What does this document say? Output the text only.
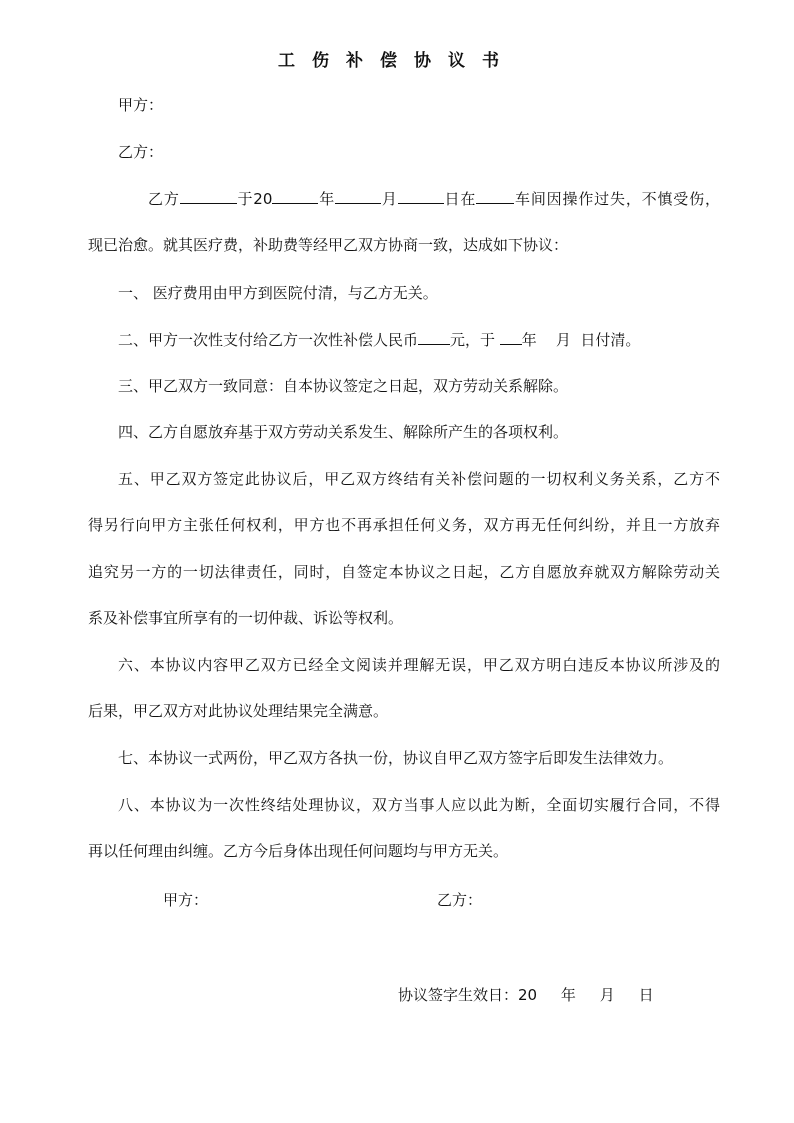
工伤补偿协议书
甲方：
乙方：
乙方	于20	年	月	日在	车间因操作过失，不慎受伤，
现已治愈。就其医疗费，补助费等经甲乙双方协商一致，达成如下协议：
一、 医疗费用由甲方到医院付清，与乙方无关。
二、甲方一次性支付给乙方一次性补偿人民币 元，于 年    月  日付清。
三、甲乙双方一致同意：自本协议签定之日起，双方劳动关系解除。
四、乙方自愿放弃基于双方劳动关系发生、解除所产生的各项权利。
五、甲乙双方签定此协议后，甲乙双方终结有关补偿问题的一切权利义务关系，乙方不
得另行向甲方主张任何权利，甲方也不再承担任何义务，双方再无任何纠纷，并且一方放弃
追究另一方的一切法律责任，同时，自签定本协议之日起，乙方自愿放弃就双方解除劳动关
系及补偿事宜所享有的一切仲裁、诉讼等权利。
六、本协议内容甲乙双方已经全文阅读并理解无误，甲乙双方明白违反本协议所涉及的
后果，甲乙双方对此协议处理结果完全满意。
七、本协议一式两份，甲乙双方各执一份，协议自甲乙双方签字后即发生法律效力。
八、本协议为一次性终结处理协议，双方当事人应以此为断，全面切实履行合同，不得
再以任何理由纠缠。乙方今后身体出现任何问题均与甲方无关。
甲方：	乙方：
协议签字生效日：20     年     月     日
